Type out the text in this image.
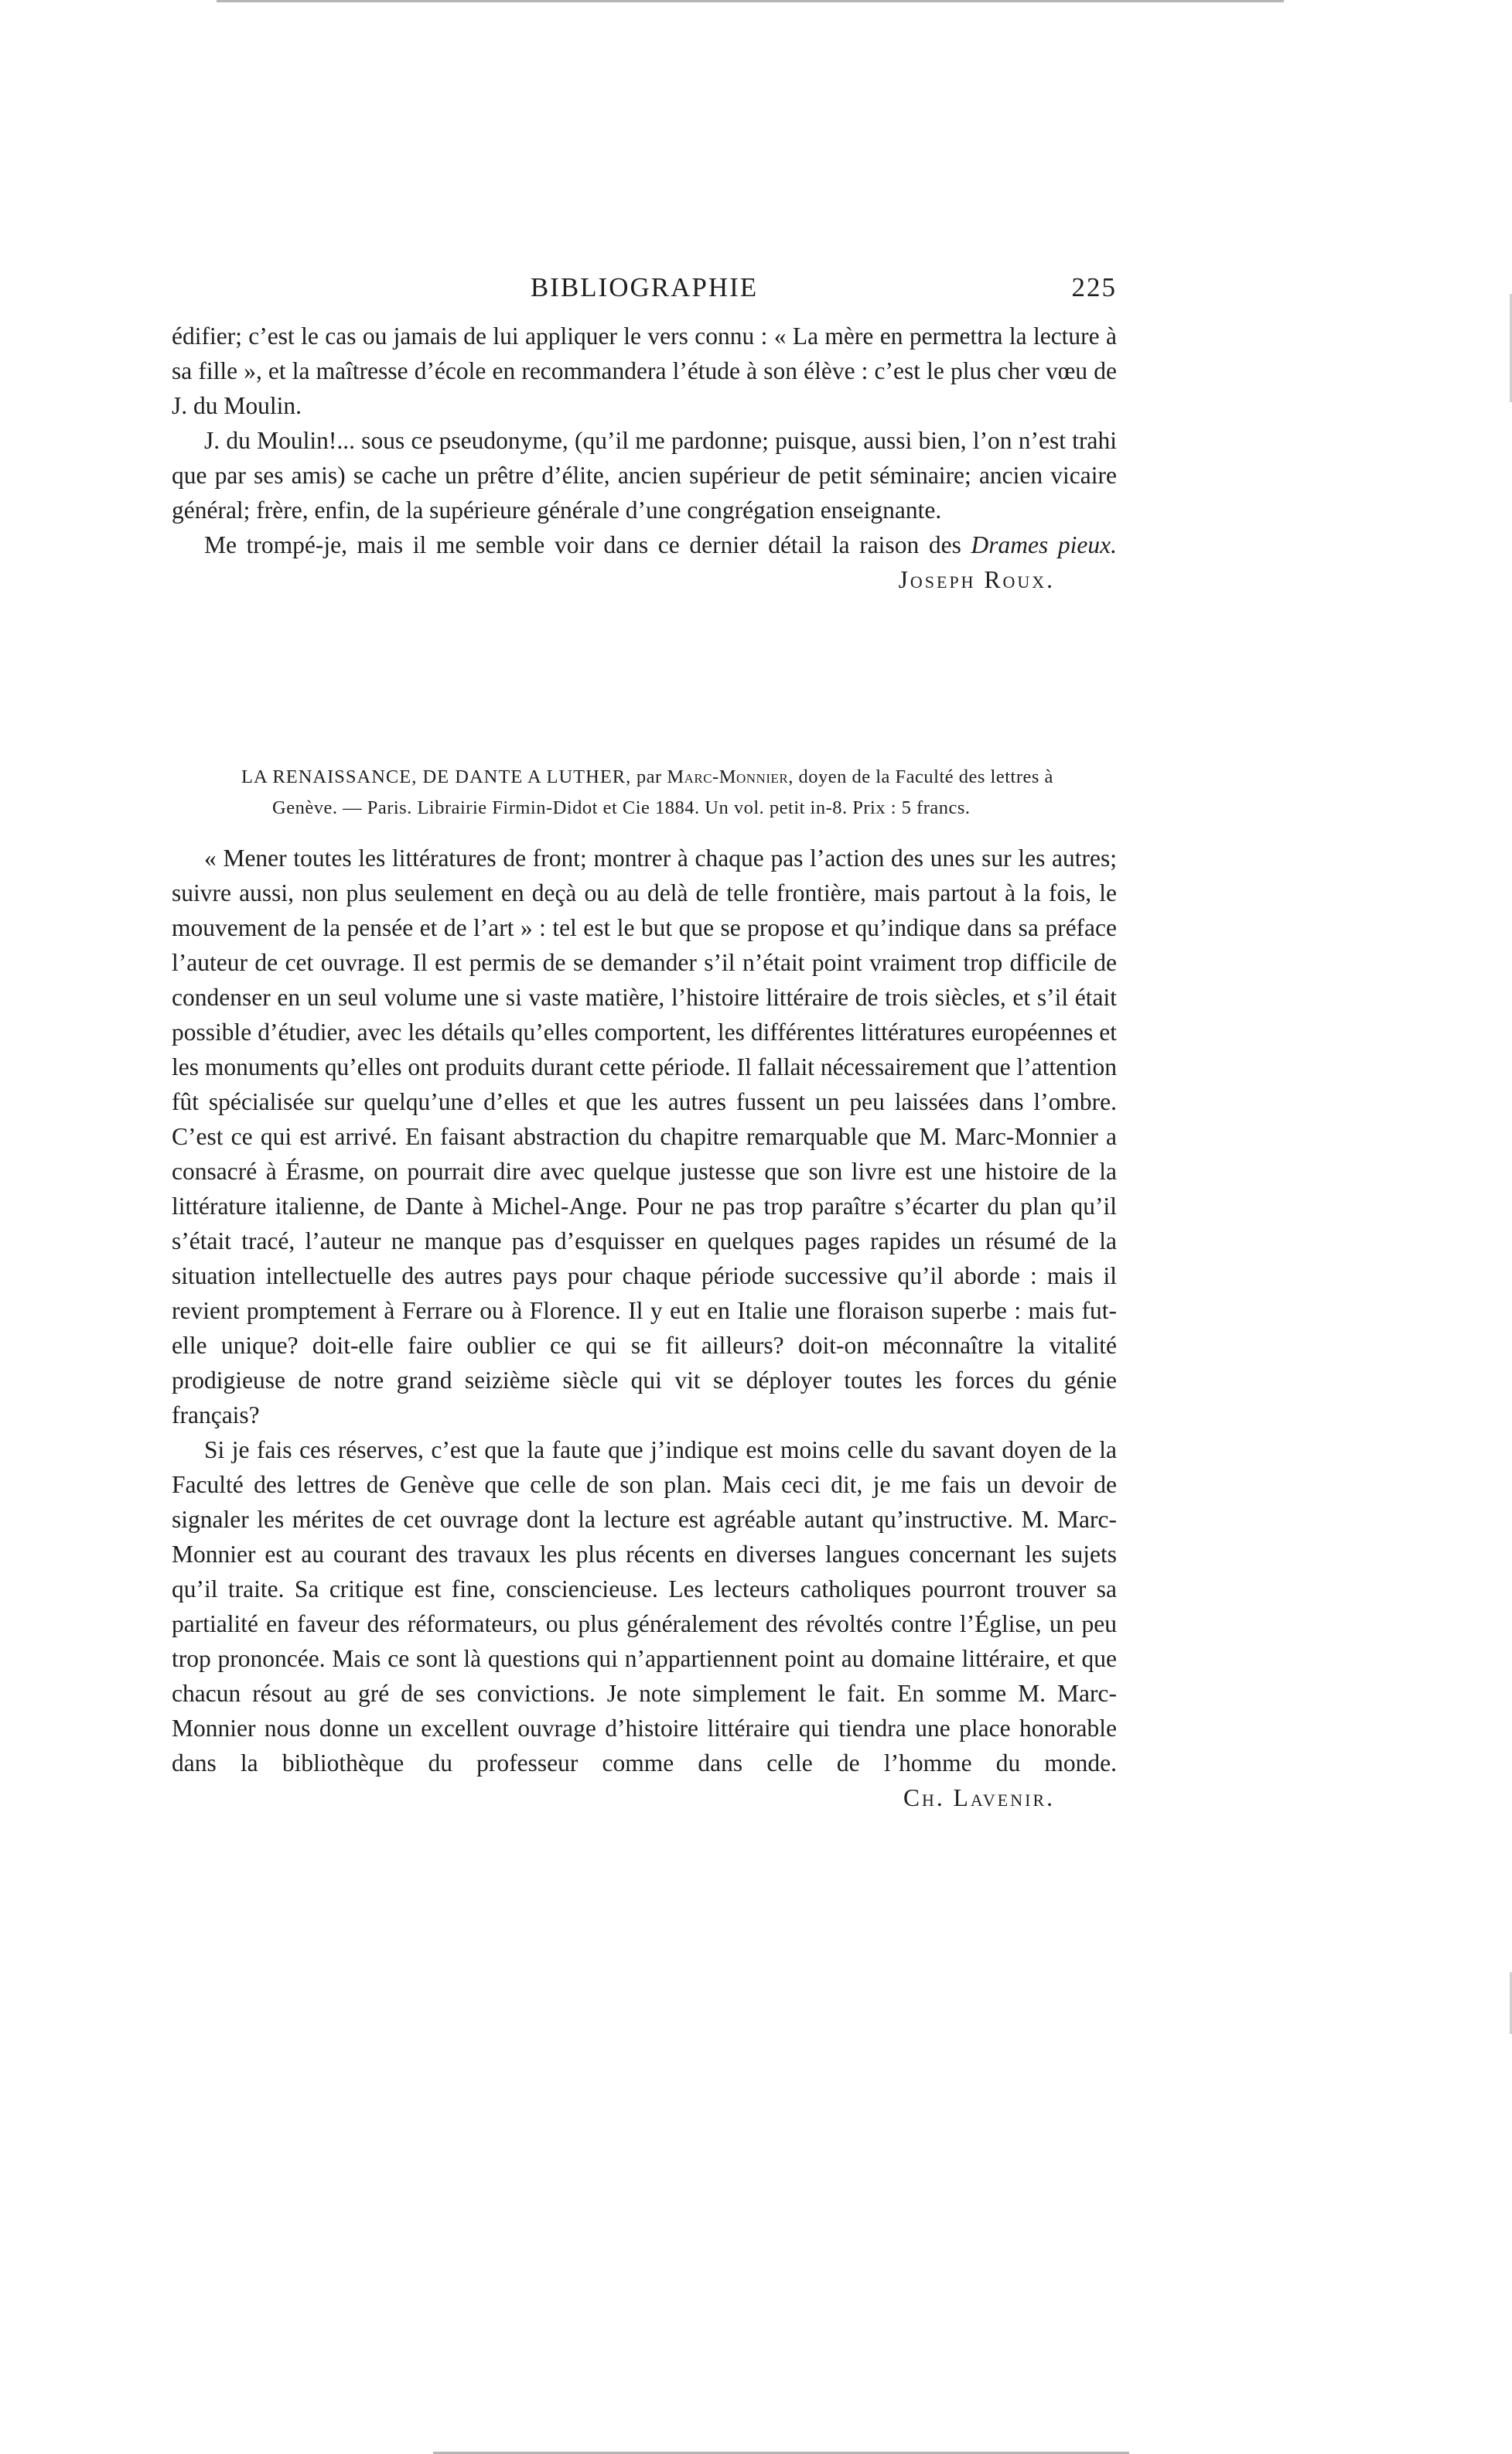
BIBLIOGRAPHIE	225

édifier; c’est le cas ou jamais de lui appliquer le vers connu : « La mère en permettra la lecture à sa fille », et la maîtresse d’école en recommandera l’étude à son élève : c’est le plus cher vœu de J. du Moulin.

J. du Moulin!... sous ce pseudonyme, (qu’il me pardonne; puisque, aussi bien, l’on n’est trahi que par ses amis) se cache un prêtre d’élite, ancien supérieur de petit séminaire; ancien vicaire général; frère, enfin, de la supérieure générale d’une congrégation enseignante.

Me trompé-je, mais il me semble voir dans ce dernier détail la raison des Drames pieux.
Joseph Roux.

LA RENAISSANCE, DE DANTE A LUTHER, par Marc-Monnier, doyen de la Faculté des lettres à Genève. — Paris. Librairie Firmin-Didot et Cie 1884. Un vol. petit in-8. Prix : 5 francs.

« Mener toutes les littératures de front; montrer à chaque pas l’action des unes sur les autres; suivre aussi, non plus seulement en deçà ou au delà de telle frontière, mais partout à la fois, le mouvement de la pensée et de l’art » : tel est le but que se propose et qu’indique dans sa préface l’auteur de cet ouvrage. Il est permis de se demander s’il n’était point vraiment trop difficile de condenser en un seul volume une si vaste matière, l’histoire littéraire de trois siècles, et s’il était possible d’étudier, avec les détails qu’elles comportent, les différentes littératures européennes et les monuments qu’elles ont produits durant cette période. Il fallait nécessairement que l’attention fût spécialisée sur quelqu’une d’elles et que les autres fussent un peu laissées dans l’ombre. C’est ce qui est arrivé. En faisant abstraction du chapitre remarquable que M. Marc-Monnier a consacré à Érasme, on pourrait dire avec quelque justesse que son livre est une histoire de la littérature italienne, de Dante à Michel-Ange. Pour ne pas trop paraître s’écarter du plan qu’il s’était tracé, l’auteur ne manque pas d’esquisser en quelques pages rapides un résumé de la situation intellectuelle des autres pays pour chaque période successive qu’il aborde : mais il revient promptement à Ferrare ou à Florence. Il y eut en Italie une floraison superbe : mais fut-elle unique? doit-elle faire oublier ce qui se fit ailleurs? doit-on méconnaître la vitalité prodigieuse de notre grand seizième siècle qui vit se déployer toutes les forces du génie français?

Si je fais ces réserves, c’est que la faute que j’indique est moins celle du savant doyen de la Faculté des lettres de Genève que celle de son plan. Mais ceci dit, je me fais un devoir de signaler les mérites de cet ouvrage dont la lecture est agréable autant qu’instructive. M. Marc-Monnier est au courant des travaux les plus récents en diverses langues concernant les sujets qu’il traite. Sa critique est fine, consciencieuse. Les lecteurs catholiques pourront trouver sa partialité en faveur des réformateurs, ou plus généralement des révoltés contre l’Église, un peu trop prononcée. Mais ce sont là questions qui n’appartiennent point au domaine littéraire, et que chacun résout au gré de ses convictions. Je note simplement le fait. En somme M. Marc-Monnier nous donne un excellent ouvrage d’histoire littéraire qui tiendra une place honorable dans la bibliothèque du professeur comme dans celle de l’homme du monde.
Ch. Lavenir.
